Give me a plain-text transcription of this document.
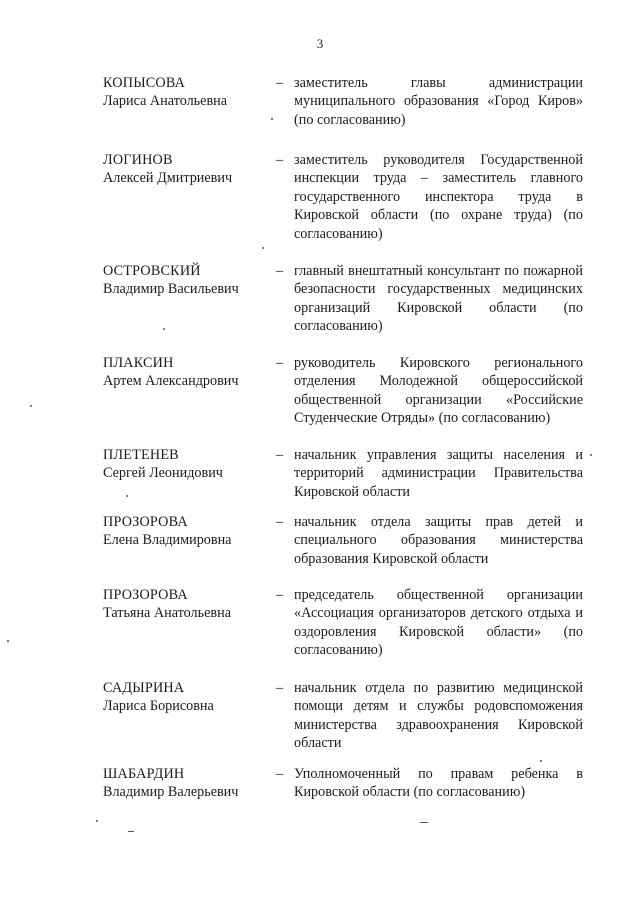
3
КОПЫСОВА
Лариса Анатольевна
– заместитель главы администрации муниципального образования «Город Киров» (по согласованию)
ЛОГИНОВ
Алексей Дмитриевич
– заместитель руководителя Государственной инспекции труда – заместитель главного государственного инспектора труда в Кировской области (по охране труда) (по согласованию)
ОСТРОВСКИЙ
Владимир Васильевич
– главный внештатный консультант по пожарной безопасности государственных медицинских организаций Кировской области (по согласованию)
ПЛАКСИН
Артем Александрович
– руководитель Кировского регионального отделения Молодежной общероссийской общественной организации «Российские Студенческие Отряды» (по согласованию)
ПЛЕТЕНЕВ
Сергей Леонидович
– начальник управления защиты населения и территорий администрации Правительства Кировской области
ПРОЗОРОВА
Елена Владимировна
– начальник отдела защиты прав детей и специального образования министерства образования Кировской области
ПРОЗОРОВА
Татьяна Анатольевна
– председатель общественной организации «Ассоциация организаторов детского отдыха и оздоровления Кировской области» (по согласованию)
САДЫРИНА
Лариса Борисовна
– начальник отдела по развитию медицинской помощи детям и службы родовспоможения министерства здравоохранения Кировской области
ШАБАРДИН
Владимир Валерьевич
– Уполномоченный по правам ребенка в Кировской области (по согласованию)
